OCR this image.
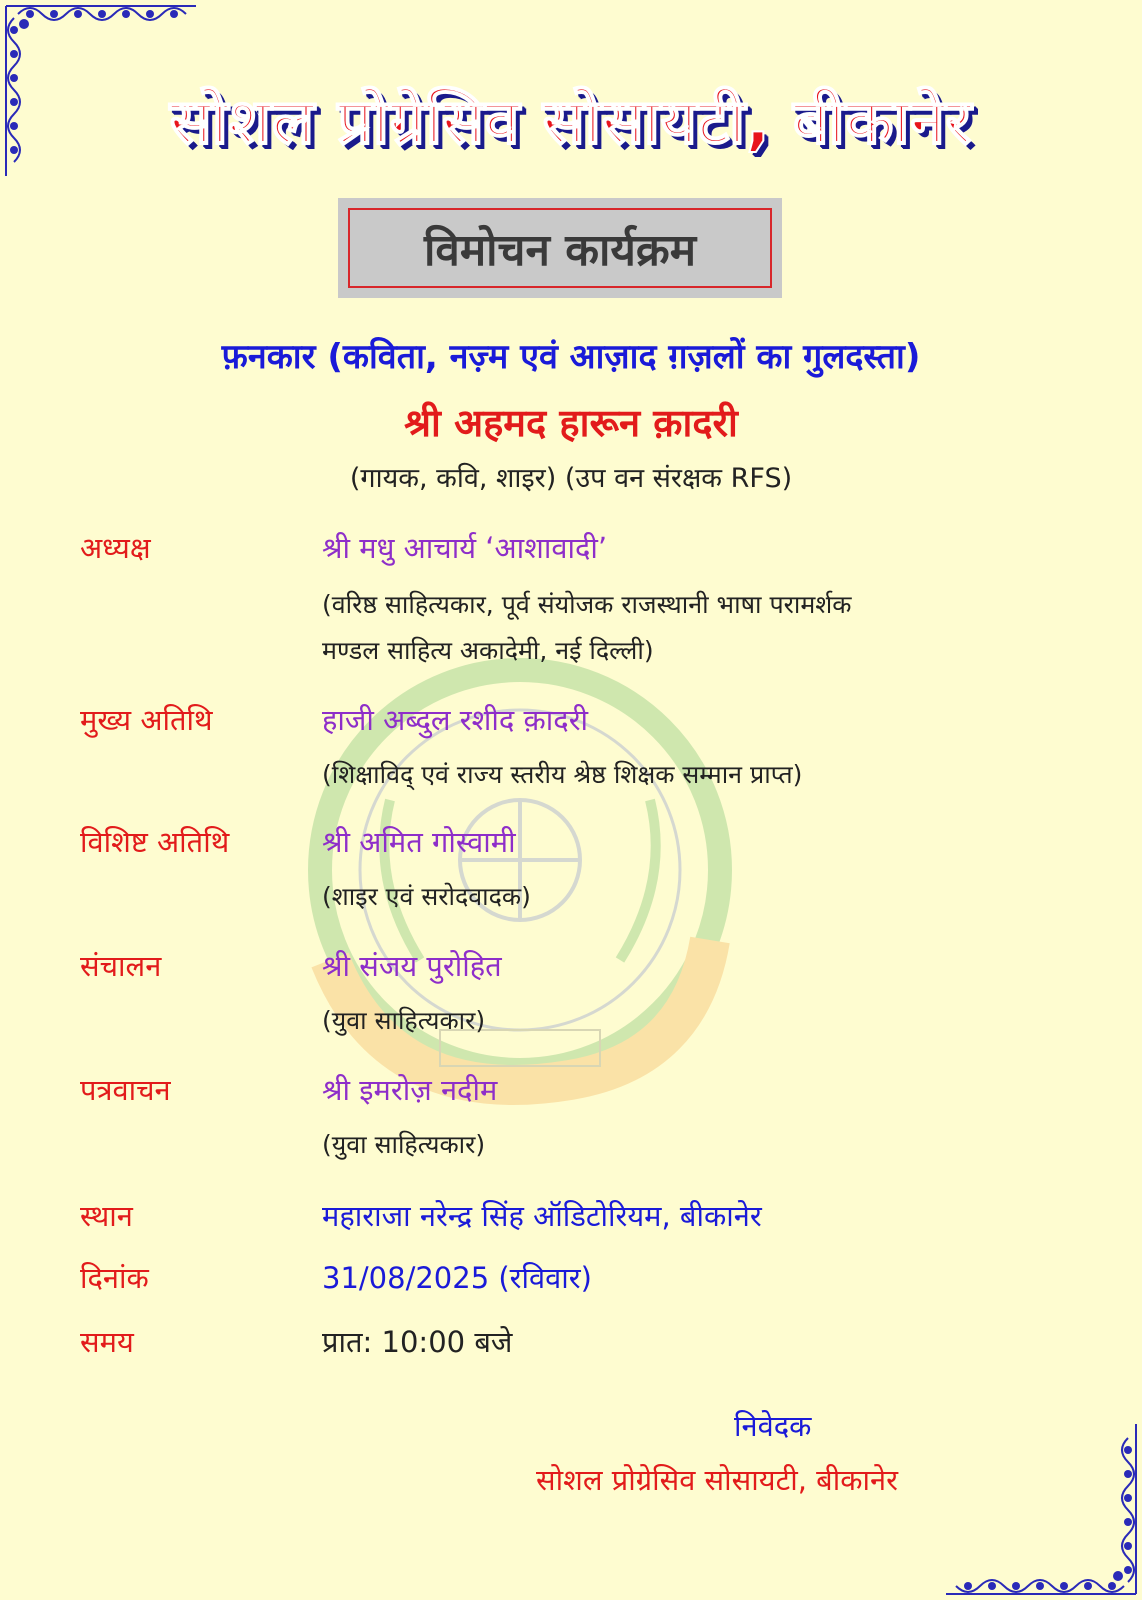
सोशल प्रोग्रेसिव सोसायटी, बीकानेर
विमोचन कार्यक्रम
फ़नकार (कविता, नज़्म एवं आज़ाद ग़ज़लों का गुलदस्ता)
श्री अहमद हारून क़ादरी
(गायक, कवि, शाइर) (उप वन संरक्षक RFS)
अध्यक्ष	श्री मधु आचार्य ‘आशावादी’
(वरिष्ठ साहित्यकार, पूर्व संयोजक राजस्थानी भाषा परामर्शक
मण्डल साहित्य अकादेमी, नई दिल्ली)
मुख्य अतिथि	हाजी अब्दुल रशीद क़ादरी
(शिक्षाविद् एवं राज्य स्तरीय श्रेष्ठ शिक्षक सम्मान प्राप्त)
विशिष्ट अतिथि	श्री अमित गोस्वामी
(शाइर एवं सरोदवादक)
संचालन	श्री संजय पुरोहित
(युवा साहित्यकार)
पत्रवाचन	श्री इमरोज़ नदीम
(युवा साहित्यकार)
स्थान	महाराजा नरेन्द्र सिंह ऑडिटोरियम, बीकानेर
दिनांक	31/08/2025 (रविवार)
समय	प्रात: 10:00 बजे
निवेदक
सोशल प्रोग्रेसिव सोसायटी, बीकानेर
